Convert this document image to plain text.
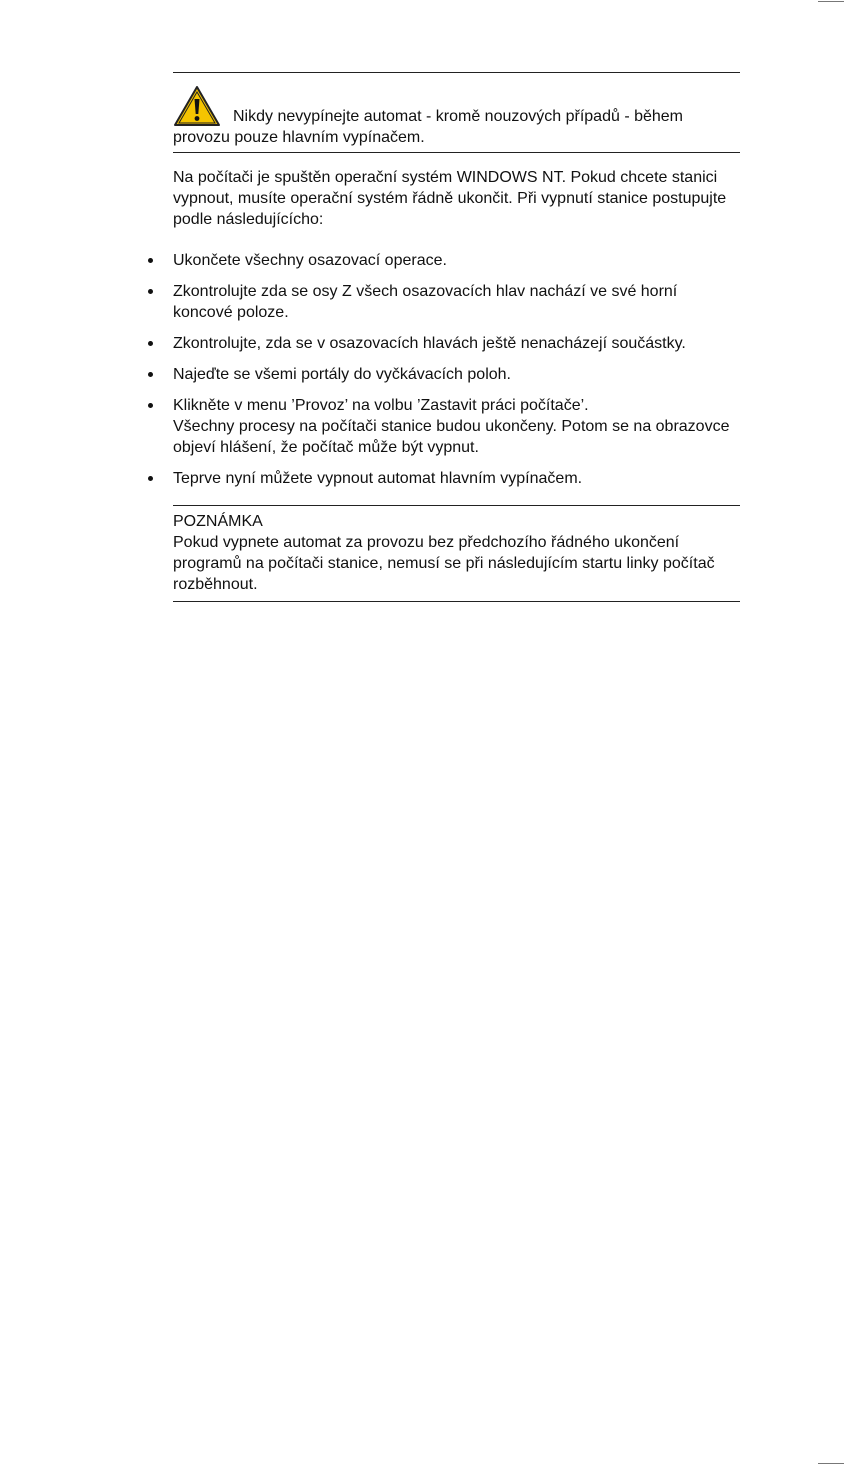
Nikdy nevypínejte automat - kromě nouzových případů - během
provozu pouze hlavním vypínačem.

Na počítači je spuštěn operační systém WINDOWS NT. Pokud chcete stanici vypnout, musíte operační systém řádně ukončit. Při vypnutí stanice postupujte podle následujícícho:

Ukončete všechny osazovací operace.
Zkontrolujte zda se osy Z všech osazovacích hlav nachází ve své horní koncové poloze.
Zkontrolujte, zda se v osazovacích hlavách ještě nenacházejí součástky.
Najeďte se všemi portály do vyčkávacích poloh.
Klikněte v menu ’Provoz’ na volbu ’Zastavit práci počítače’.
Všechny procesy na počítači stanice budou ukončeny. Potom se na obrazovce objeví hlášení, že počítač může být vypnut.
Teprve nyní můžete vypnout automat hlavním vypínačem.
POZNÁMKA
Pokud vypnete automat za provozu bez předchozího řádného ukončení programů na počítači stanice, nemusí se při následujícím startu linky počítač rozběhnout.
